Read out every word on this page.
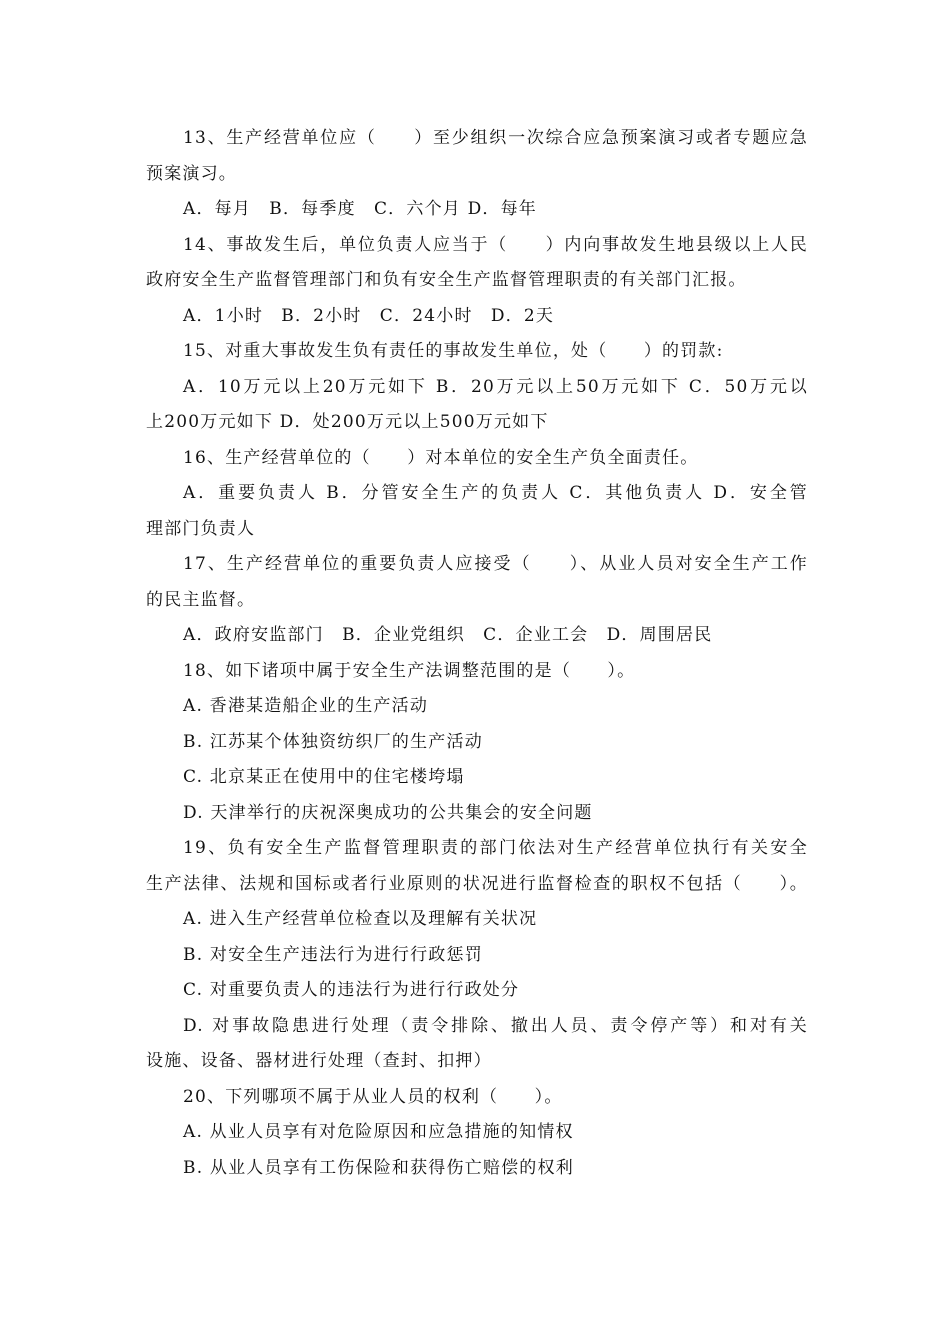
13、生产经营单位应（　　）至少组织一次综合应急预案演习或者专题应急
预案演习。
A．每月　B．每季度　C．六个月 D．每年
14、事故发生后，单位负责人应当于（　　）内向事故发生地县级以上人民
政府安全生产监督管理部门和负有安全生产监督管理职责的有关部门汇报。
A．1小时　B．2小时　C．24小时　D．2天
15、对重大事故发生负有责任的事故发生单位，处（　　）的罚款:
A．10万元以上20万元如下 B．20万元以上50万元如下 C．50万元以
上200万元如下 D．处200万元以上500万元如下
16、生产经营单位的（　　）对本单位的安全生产负全面责任。
A．重要负责人 B．分管安全生产的负责人 C．其他负责人 D．安全管
理部门负责人
17、生产经营单位的重要负责人应接受（　　）、从业人员对安全生产工作
的民主监督。
A．政府安监部门　B．企业党组织　C．企业工会　D．周围居民
18、如下诸项中属于安全生产法调整范围的是（　　）。
A. 香港某造船企业的生产活动
B. 江苏某个体独资纺织厂的生产活动
C. 北京某正在使用中的住宅楼垮塌
D. 天津举行的庆祝深奥成功的公共集会的安全问题
19、负有安全生产监督管理职责的部门依法对生产经营单位执行有关安全
生产法律、法规和国标或者行业原则的状况进行监督检查的职权不包括（　　）。
A. 进入生产经营单位检查以及理解有关状况
B. 对安全生产违法行为进行行政惩罚
C. 对重要负责人的违法行为进行行政处分
D. 对事故隐患进行处理（责令排除、撤出人员、责令停产等）和对有关
设施、设备、器材进行处理（查封、扣押）
20、下列哪项不属于从业人员的权利（　　）。
A. 从业人员享有对危险原因和应急措施的知情权
B. 从业人员享有工伤保险和获得伤亡赔偿的权利
